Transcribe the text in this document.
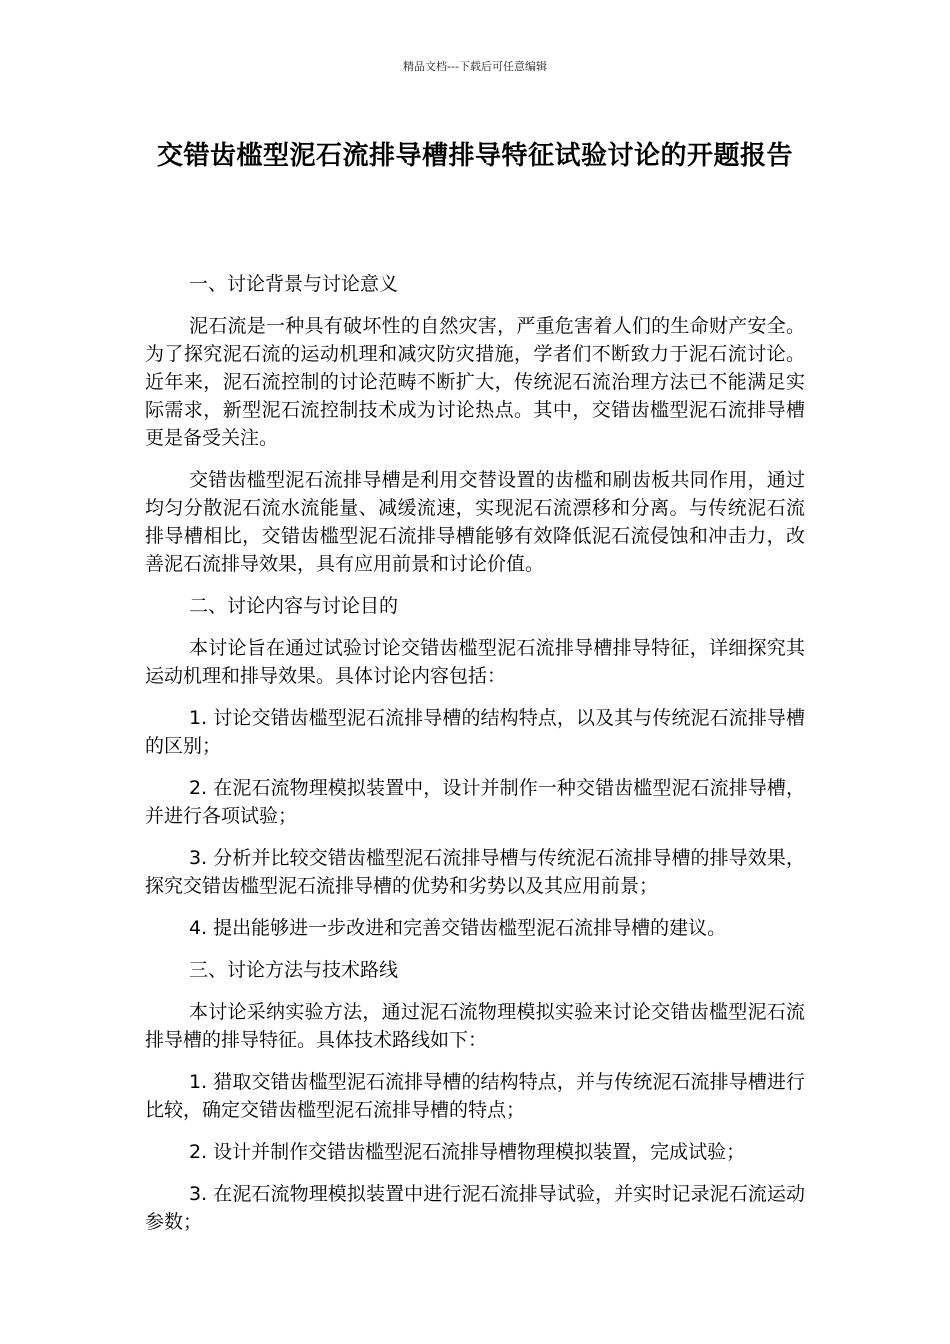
精品文档---下载后可任意编辑
交错齿槛型泥石流排导槽排导特征试验讨论的开题报告

一、讨论背景与讨论意义

泥石流是一种具有破坏性的自然灾害，严重危害着人们的生命财产安全。为了探究泥石流的运动机理和减灾防灾措施，学者们不断致力于泥石流讨论。近年来，泥石流控制的讨论范畴不断扩大，传统泥石流治理方法已不能满足实际需求，新型泥石流控制技术成为讨论热点。其中，交错齿槛型泥石流排导槽更是备受关注。

交错齿槛型泥石流排导槽是利用交替设置的齿槛和刷齿板共同作用，通过均匀分散泥石流水流能量、减缓流速，实现泥石流漂移和分离。与传统泥石流排导槽相比，交错齿槛型泥石流排导槽能够有效降低泥石流侵蚀和冲击力，改善泥石流排导效果，具有应用前景和讨论价值。

二、讨论内容与讨论目的

本讨论旨在通过试验讨论交错齿槛型泥石流排导槽排导特征，详细探究其运动机理和排导效果。具体讨论内容包括：

1. 讨论交错齿槛型泥石流排导槽的结构特点，以及其与传统泥石流排导槽的区别；

2. 在泥石流物理模拟装置中，设计并制作一种交错齿槛型泥石流排导槽，并进行各项试验；

3. 分析并比较交错齿槛型泥石流排导槽与传统泥石流排导槽的排导效果，探究交错齿槛型泥石流排导槽的优势和劣势以及其应用前景；

4. 提出能够进一步改进和完善交错齿槛型泥石流排导槽的建议。

三、讨论方法与技术路线

本讨论采纳实验方法，通过泥石流物理模拟实验来讨论交错齿槛型泥石流排导槽的排导特征。具体技术路线如下：

1. 猎取交错齿槛型泥石流排导槽的结构特点，并与传统泥石流排导槽进行比较，确定交错齿槛型泥石流排导槽的特点；

2. 设计并制作交错齿槛型泥石流排导槽物理模拟装置，完成试验；

3. 在泥石流物理模拟装置中进行泥石流排导试验，并实时记录泥石流运动参数；
